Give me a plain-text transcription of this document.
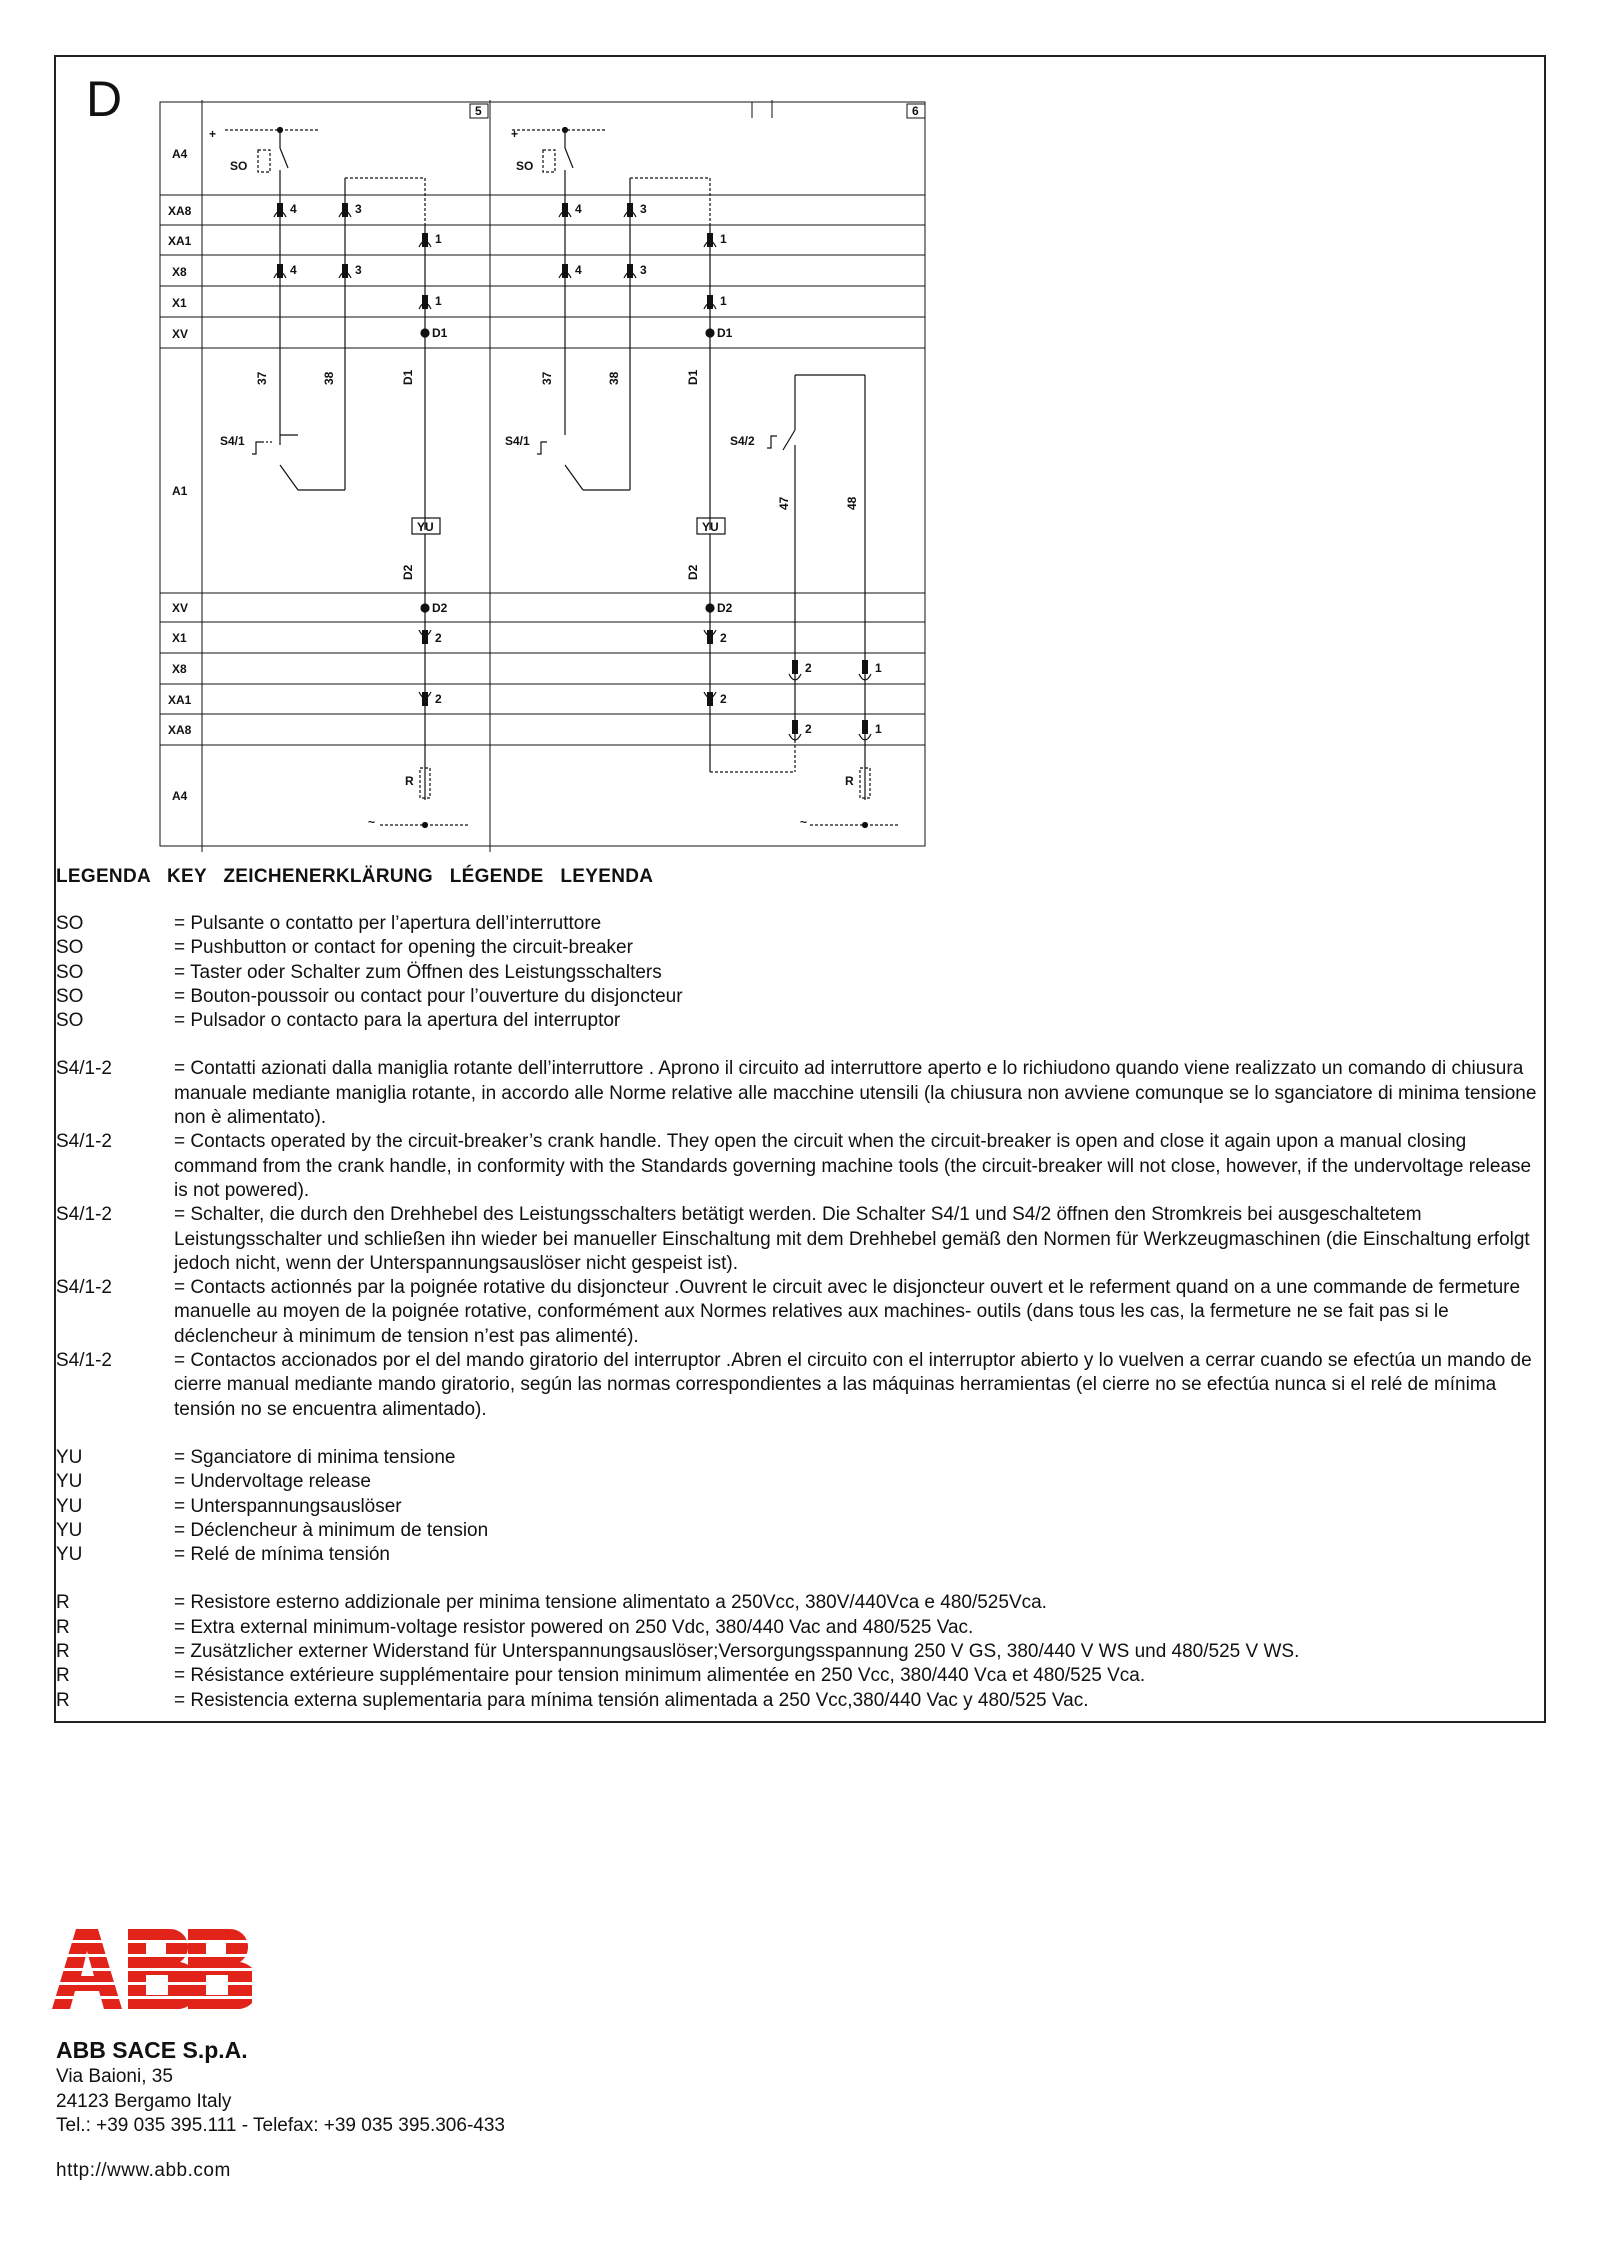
D
A4
XA8
XA1
X8
X1
XV
A1
XV
X1
X8
XA1
XA8
A4
5	6
+
SO
4	3
1
4	3
1
D1
S4/1
YU
D2
2
2
R
~
37	38	D1
D2
+
SO
4	3
1
4	3
1
D1
S4/1	S4/2
YU
D2
2
2	1
2
2	1
R
~
37	38	D1
D2
47	48
LEGENDA   KEY   ZEICHENERKLÄRUNG   LÉGENDE   LEYENDA
SO	= Pulsante o contatto per l’apertura dell’interruttore
SO	= Pushbutton or contact for opening the circuit-breaker
SO	= Taster oder Schalter zum Öffnen des Leistungsschalters
SO	= Bouton-poussoir ou contact pour l’ouverture du disjoncteur
SO	= Pulsador o contacto para la apertura del interruptor
S4/1-2	= Contatti azionati dalla maniglia rotante dell’interruttore . Aprono il circuito ad interruttore aperto e lo richiudono quando viene realizzato un comando di chiusura manuale mediante maniglia rotante, in accordo alle Norme relative alle macchine utensili (la chiusura non avviene comunque se lo sganciatore di minima tensione non è alimentato).
S4/1-2	= Contacts operated by the circuit-breaker’s crank handle. They open the circuit when the circuit-breaker is open and close it again upon a manual closing command from the crank handle, in conformity with the Standards governing machine tools (the circuit-breaker will not close, however, if the undervoltage release is not powered).
S4/1-2	= Schalter, die durch den Drehhebel des Leistungsschalters betätigt werden. Die Schalter S4/1 und S4/2 öffnen den Stromkreis bei ausgeschaltetem Leistungsschalter und schließen ihn wieder bei manueller Einschaltung mit dem Drehhebel gemäß den Normen für Werkzeugmaschinen (die Einschaltung erfolgt jedoch nicht, wenn der Unterspannungsauslöser nicht gespeist ist).
S4/1-2	= Contacts actionnés par la poignée rotative du disjoncteur .Ouvrent le circuit avec le disjoncteur ouvert et le referment quand on a une commande de fermeture manuelle au moyen de la poignée rotative, conformément aux Normes relatives aux machines- outils (dans tous les cas, la fermeture ne se fait pas si le déclencheur à minimum de tension n’est pas alimenté).
S4/1-2	= Contactos accionados por el del mando giratorio del interruptor .Abren el circuito con el interruptor abierto y lo vuelven a cerrar cuando se efectúa un mando de cierre manual mediante mando giratorio, según las normas correspondientes a las máquinas herramientas (el cierre no se efectúa nunca si el relé de mínima tensión no se encuentra alimentado).
YU	= Sganciatore di minima tensione
YU	= Undervoltage release
YU	= Unterspannungsauslöser
YU	= Déclencheur à minimum de tension
YU	= Relé de mínima tensión
R	= Resistore esterno addizionale per minima tensione alimentato a 250Vcc, 380V/440Vca e 480/525Vca.
R	= Extra external minimum-voltage resistor powered on 250 Vdc, 380/440 Vac and 480/525 Vac.
R	= Zusätzlicher externer Widerstand für Unterspannungsauslöser;Versorgungsspannung 250 V GS, 380/440 V WS und 480/525 V WS.
R	= Résistance extérieure supplémentaire pour tension minimum alimentée en 250 Vcc, 380/440 Vca et 480/525 Vca.
R	= Resistencia externa suplementaria para mínima tensión alimentada a 250 Vcc,380/440 Vac y 480/525 Vac.
ABB SACE S.p.A.
Via Baioni, 35
24123 Bergamo Italy
Tel.: +39 035 395.111 - Telefax: +39 035 395.306-433
http://www.abb.com
